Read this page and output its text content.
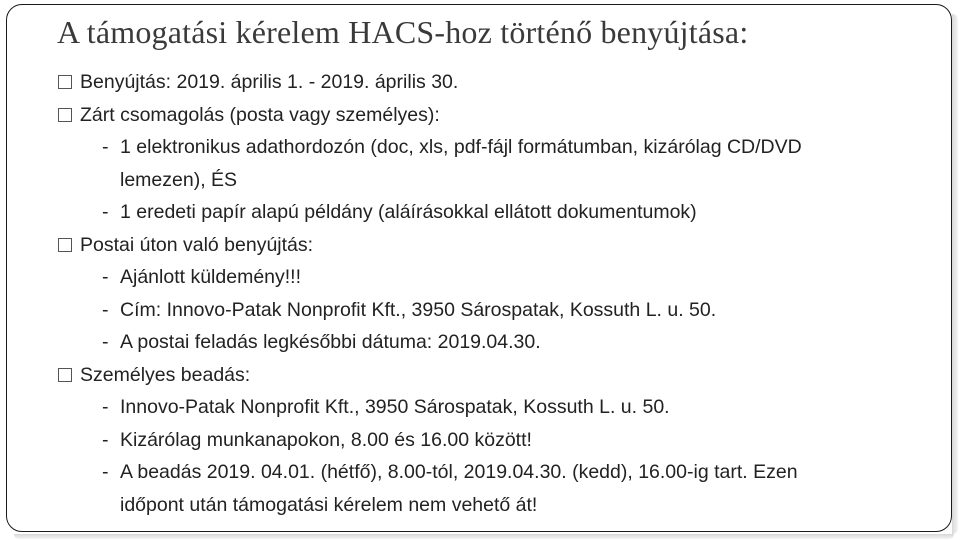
A támogatási kérelem HACS-hoz történő benyújtása:
Benyújtás: 2019. április 1. - 2019. április 30.
Zárt csomagolás (posta vagy személyes):
- 1 elektronikus adathordozón (doc, xls, pdf-fájl formátumban, kizárólag CD/DVD
lemezen), ÉS
- 1 eredeti papír alapú példány (aláírásokkal ellátott dokumentumok)
Postai úton való benyújtás:
- Ajánlott küldemény!!!
- Cím: Innovo-Patak Nonprofit Kft., 3950 Sárospatak, Kossuth L. u. 50.
- A postai feladás legkésőbbi dátuma: 2019.04.30.
Személyes beadás:
- Innovo-Patak Nonprofit Kft., 3950 Sárospatak, Kossuth L. u. 50.
- Kizárólag munkanapokon, 8.00 és 16.00 között!
- A beadás 2019. 04.01. (hétfő), 8.00-tól, 2019.04.30. (kedd), 16.00-ig tart. Ezen
időpont után támogatási kérelem nem vehető át!
